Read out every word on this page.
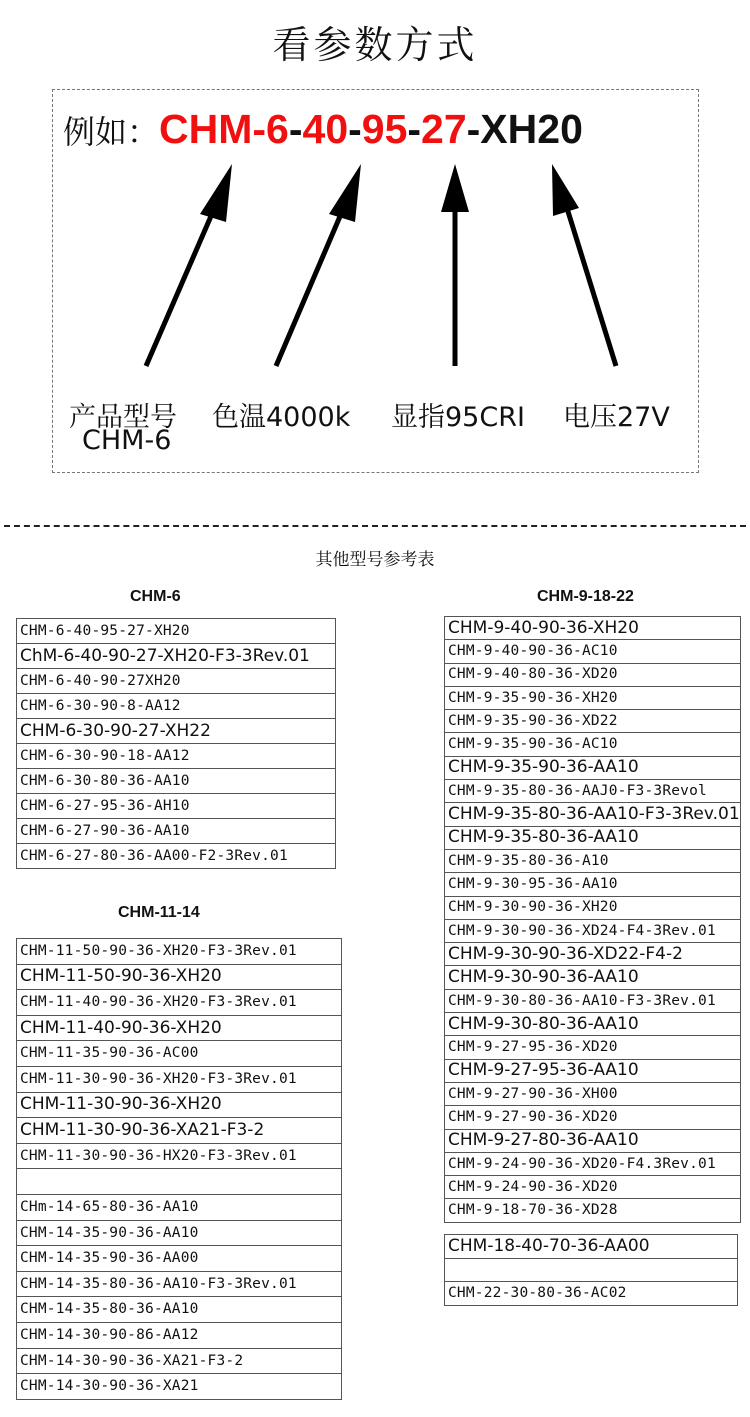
看参数方式
例如：CHM-6-40-95-27-XH20
产品型号
CHM-6
色温4000k 显指95CRI 电压27V
其他型号参考表
CHM-6
CHM-11-14
CHM-9-18-22
CHM-6-40-95-27-XH20
ChM-6-40-90-27-XH20-F3-3Rev.01
CHM-6-40-90-27XH20
CHM-6-30-90-8-AA12
CHM-6-30-90-27-XH22
CHM-6-30-90-18-AA12
CHM-6-30-80-36-AA10
CHM-6-27-95-36-AH10
CHM-6-27-90-36-AA10
CHM-6-27-80-36-AA00-F2-3Rev.01
CHM-11-50-90-36-XH20-F3-3Rev.01
CHM-11-50-90-36-XH20
CHM-11-40-90-36-XH20-F3-3Rev.01
CHM-11-40-90-36-XH20
CHM-11-35-90-36-AC00
CHM-11-30-90-36-XH20-F3-3Rev.01
CHM-11-30-90-36-XH20
CHM-11-30-90-36-XA21-F3-2
CHM-11-30-90-36-HX20-F3-3Rev.01

CHm-14-65-80-36-AA10
CHM-14-35-90-36-AA10
CHM-14-35-90-36-AA00
CHM-14-35-80-36-AA10-F3-3Rev.01
CHM-14-35-80-36-AA10
CHM-14-30-90-86-AA12
CHM-14-30-90-36-XA21-F3-2
CHM-14-30-90-36-XA21
CHM-9-40-90-36-XH20
CHM-9-40-90-36-AC10
CHM-9-40-80-36-XD20
CHM-9-35-90-36-XH20
CHM-9-35-90-36-XD22
CHM-9-35-90-36-AC10
CHM-9-35-90-36-AA10
CHM-9-35-80-36-AAJ0-F3-3Revol
CHM-9-35-80-36-AA10-F3-3Rev.01
CHM-9-35-80-36-AA10
CHM-9-35-80-36-A10
CHM-9-30-95-36-AA10
CHM-9-30-90-36-XH20
CHM-9-30-90-36-XD24-F4-3Rev.01
CHM-9-30-90-36-XD22-F4-2
CHM-9-30-90-36-AA10
CHM-9-30-80-36-AA10-F3-3Rev.01
CHM-9-30-80-36-AA10
CHM-9-27-95-36-XD20
CHM-9-27-95-36-AA10
CHM-9-27-90-36-XH00
CHM-9-27-90-36-XD20
CHM-9-27-80-36-AA10
CHM-9-24-90-36-XD20-F4.3Rev.01
CHM-9-24-90-36-XD20
CHM-9-18-70-36-XD28
CHM-18-40-70-36-AA00

CHM-22-30-80-36-AC02
